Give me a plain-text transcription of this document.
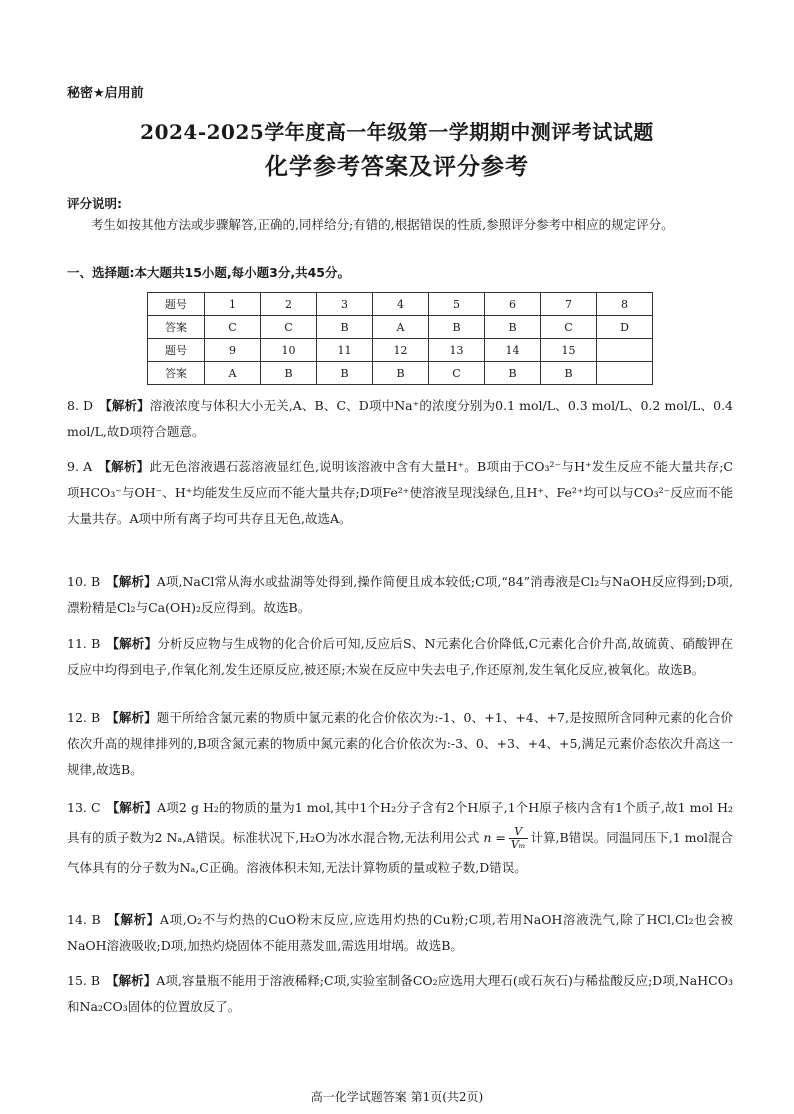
秘密★启用前
2024-2025学年度高一年级第一学期期中测评考试试题
化学参考答案及评分参考
评分说明:
考生如按其他方法或步骤解答,正确的,同样给分;有错的,根据错误的性质,参照评分参考中相应的规定评分。
一、选择题:本大题共15小题,每小题3分,共45分。
题号	1	2	3	4	5	6	7	8
答案	C	C	B	A	B	B	C	D
题号	9	10	11	12	13	14	15	
答案	A	B	B	B	C	B	B	
8. D 【解析】溶液浓度与体积大小无关,A、B、C、D项中Na⁺的浓度分别为0.1 mol/L、0.3 mol/L、0.2 mol/L、0.4 mol/L,故D项符合题意。
9. A 【解析】此无色溶液遇石蕊溶液显红色,说明该溶液中含有大量H⁺。B项由于CO₃²⁻与H⁺发生反应不能大量共存;C项HCO₃⁻与OH⁻、H⁺均能发生反应而不能大量共存;D项Fe²⁺使溶液呈现浅绿色,且H⁺、Fe²⁺均可以与CO₃²⁻反应而不能大量共存。A项中所有离子均可共存且无色,故选A。
10. B 【解析】A项,NaCl常从海水或盐湖等处得到,操作简便且成本较低;C项,“84”消毒液是Cl₂与NaOH反应得到;D项,漂粉精是Cl₂与Ca(OH)₂反应得到。故选B。
11. B 【解析】分析反应物与生成物的化合价后可知,反应后S、N元素化合价降低,C元素化合价升高,故硫黄、硝酸钾在反应中均得到电子,作氧化剂,发生还原反应,被还原;木炭在反应中失去电子,作还原剂,发生氧化反应,被氧化。故选B。
12. B 【解析】题干所给含氯元素的物质中氯元素的化合价依次为:-1、0、+1、+4、+7,是按照所含同种元素的化合价依次升高的规律排列的,B项含氮元素的物质中氮元素的化合价依次为:-3、0、+3、+4、+5,满足元素价态依次升高这一规律,故选B。
13. C 【解析】A项2 g H₂的物质的量为1 mol,其中1个H₂分子含有2个H原子,1个H原子核内含有1个质子,故1 mol H₂具有的质子数为2 Nₐ,A错误。标准状况下,H₂O为冰水混合物,无法利用公式 $n = \frac{V}{\text{Vₘ}}$ 计算,B错误。同温同压下,1 mol混合气体具有的分子数为Nₐ,C正确。溶液体积未知,无法计算物质的量或粒子数,D错误。
14. B 【解析】A项,O₂不与灼热的CuO粉末反应,应选用灼热的Cu粉;C项,若用NaOH溶液洗气,除了HCl,Cl₂也会被NaOH溶液吸收;D项,加热灼烧固体不能用蒸发皿,需选用坩埚。故选B。
15. B 【解析】A项,容量瓶不能用于溶液稀释;C项,实验室制备CO₂应选用大理石(或石灰石)与稀盐酸反应;D项,NaHCO₃和Na₂CO₃固体的位置放反了。
高一化学试题答案 第1页(共2页)
